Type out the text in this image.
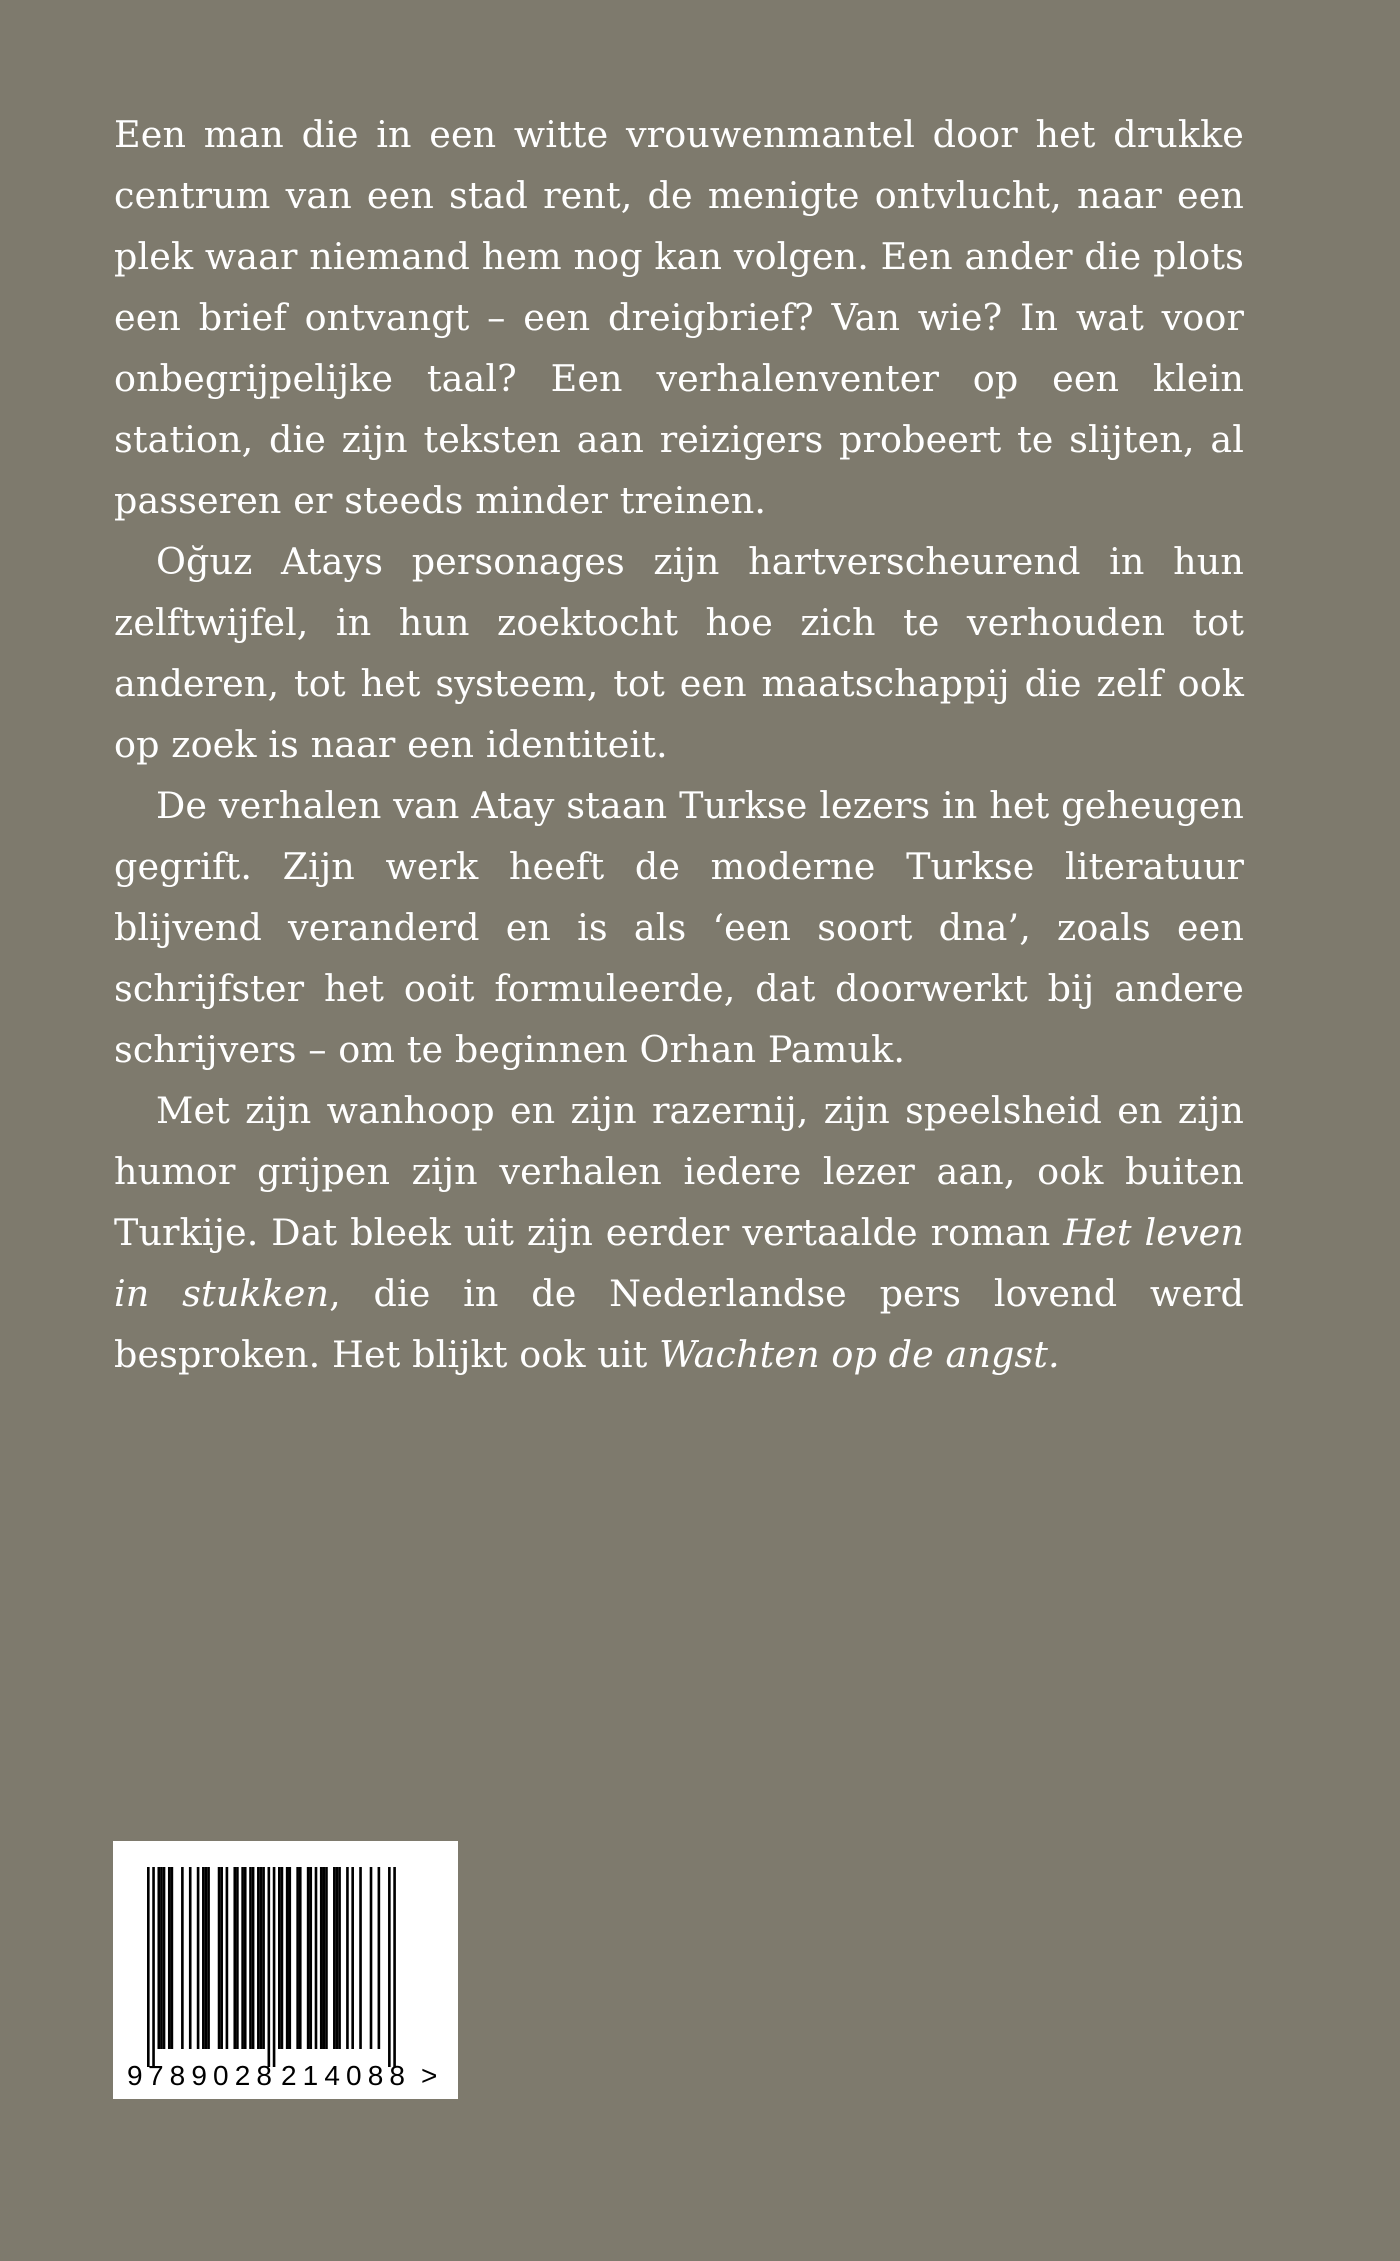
Een man die in een witte vrouwenmantel door het drukke centrum van een stad rent, de menigte ontvlucht, naar een plek waar niemand hem nog kan volgen. Een ander die plots een brief ontvangt – een dreigbrief? Van wie? In wat voor onbegrijpelijke taal? Een verhalenventer op een klein station, die zijn teksten aan reizigers probeert te slijten, al passeren er steeds minder treinen.

Oğuz Atays personages zijn hartverscheurend in hun zelftwijfel, in hun zoektocht hoe zich te verhouden tot anderen, tot het systeem, tot een maatschappij die zelf ook op zoek is naar een identiteit.

De verhalen van Atay staan Turkse lezers in het geheugen gegrift. Zijn werk heeft de moderne Turkse literatuur blijvend veranderd en is als ‘een soort dna’, zoals een schrijfster het ooit formuleerde, dat doorwerkt bij andere schrijvers – om te beginnen Orhan Pamuk.

Met zijn wanhoop en zijn razernij, zijn speelsheid en zijn humor grijpen zijn verhalen iedere lezer aan, ook buiten Turkije. Dat bleek uit zijn eerder vertaalde roman Het leven in stukken, die in de Nederlandse pers lovend werd besproken. Het blijkt ook uit Wachten op de angst.

9 789028 214088 >
